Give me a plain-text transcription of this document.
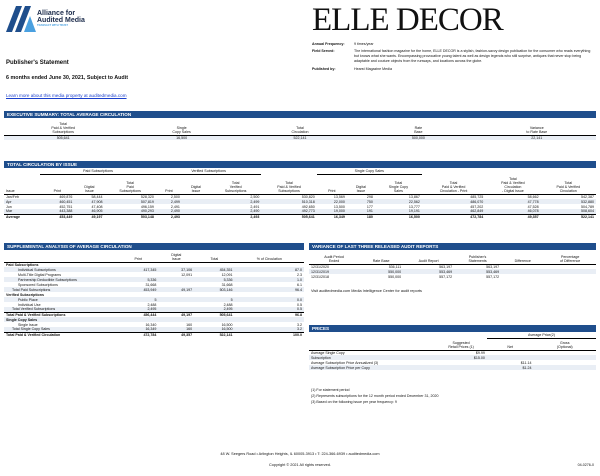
Alliance for
Audited Media
TRANSACT WITH TRUST
Publisher's Statement
6 months ended June 30, 2021, Subject to Audit
Learn more about this media property at auditedmedia.com
ELLE DECOR
Annual Frequency:	9 times/year
Field Served:	The international fashion magazine for the home, ELLE DECOR is a stylish, fashion-savvy design publication for the consumer who reads everything but knows what she wants. Encompassing provocative young talent as well as design legends who still surprise, antiques that never stop being adaptable and couture objects from the runways, and locations across the globe.
Published by:	Hearst Magazine Media
EXECUTIVE SUMMARY: TOTAL AVERAGE CIRCULATION
Total
Paid & Verified
Subscriptions	Single
Copy Sales	Total
Circulation	Rate
Base	Variance
to Rate Base
505,641	16,500	522,141	500,000	22,141
TOTAL CIRCULATION BY ISSUE
	Paid Subscriptions			Verified Subscriptions				Single Copy Sales					
Issue	Print	Digital
Issue	Total
Paid
Subscriptions	Print	Digital
Issue	Total
Verified
Subscriptions	Total
Paid & Verified
Subscriptions	Print	Digital
Issue	Total
Single Copy
Sales	Total
Paid & Verified
Circulation - Print	Total
Paid & Verified
Circulation
- Digital Issue	Total
Paid & Verified
Circulation
Jan/Feb	469,876	58,444	528,320	2,500		2,500	530,820	13,569	298	13,867	485,725	58,662	542,387
Apr	460,451	47,908	507,819	2,499		2,499	510,318	22,000	750	22,562	486,070	47,778	532,880
Jun	452,751	47,408	496,159	2,491		2,491	492,650	13,500	177	13,777	457,202	47,528	504,789
Mar	443,388	46,905	490,293	2,490		2,490	492,773	19,000	191	19,191	462,849	46,078	508,604
Average	453,449	49,197	503,148	2,493		2,493	505,641	16,349	180	16,500	472,784	49,357	522,141
SUPPLEMENTAL ANALYSIS OF AVERAGE CIRCULATION
	Print	Digital
Issue	Total	% of Circulation
Paid Subscriptions				
Individual Subscriptions	417,345	37,106	454,351	87.0
Multi-Title Digital Programs		12,091	12,091	2.3
Partnership Deductible Subscriptions	5,336		5,336	1.0
Sponsored Subscriptions	31,668		31,668	6.1
Total Paid Subscriptions	453,949	49,197	503,146	96.4
Verified Subscriptions				
Public Place	5		5	0.0
Individual Use	2,488		2,488	0.5
Total Verified Subscriptions	2,495		2,495	0.5
Total Paid & Verified Subscriptions	456,444	49,197	505,641	96.8
Single Copy Sales				
Single Issue	16,340	160	16,500	3.2
Total Single Copy Sales	16,349	160	16,500	3.2
Total Paid & Verified Circulation	472,784	49,357	522,141	100.0
VARIANCE OF LAST THREE RELEASED AUDIT REPORTS
Audit Period
Ended	Rate Base	Audit Report	Publisher's
Statements	Difference	Percentage
of Difference
12/31/2020	536,111	563,197	563,197		
12/31/2019	550,000	553,469	553,469		
12/31/2018	550,000	557,172	557,172		
Visit auditedmedia.com Media Intelligence Center for audit reports
PRICES
		Average Price(2)	
	Suggested
Retail Prices (1)	Net	Gross
(Optional)
Average Single Copy	$9.99		
Subscription	$15.00		
Average Subscription Price Annualized (3)		$11.14	
Average Subscription Price per Copy		$1.24	
(1) For statement period
(2) Represents subscriptions for the 12 month period ended December 31, 2020
(3) Based on the following issue per year frequency: 9
48 W. Seegers Road • Arlington Heights, IL 60005-3913 • T: 224-366-6939 • auditedmedia.com
Copyright © 2021 All rights reserved.	04-0276-0
